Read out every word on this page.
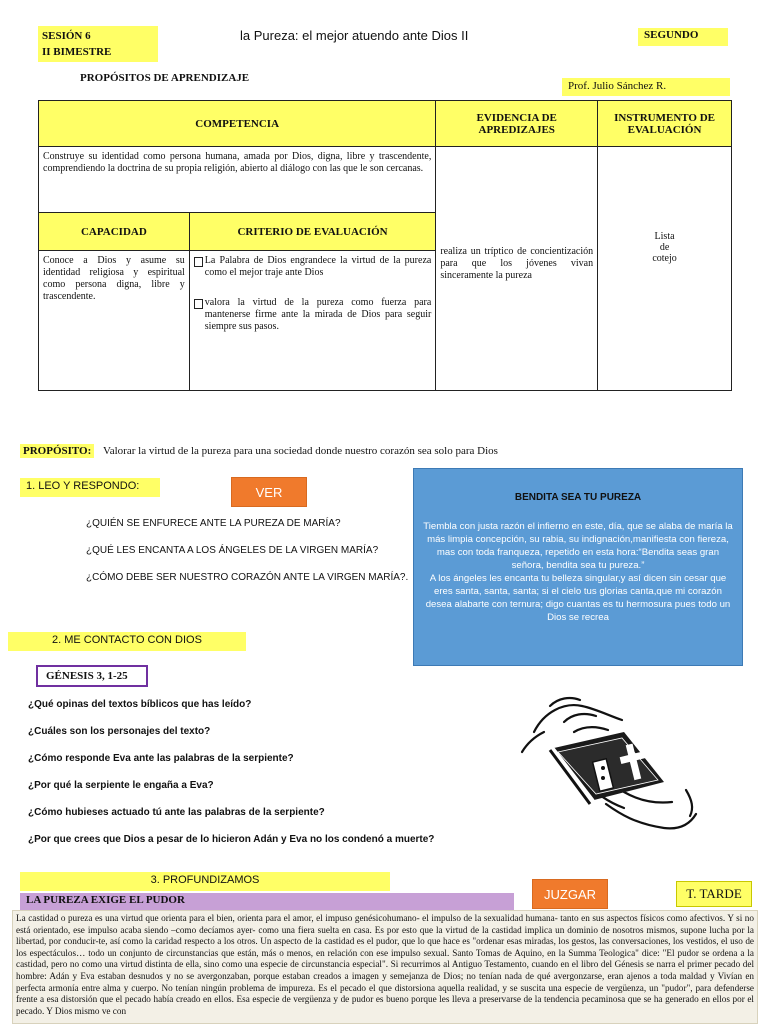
SESIÓN 6
II BIMESTRE
la Pureza: el mejor atuendo ante Dios II	SEGUNDO
PROPÓSITOS DE APRENDIZAJE
Prof. Julio Sánchez R.
COMPETENCIA		EVIDENCIA DE APREDIZAJES	INSTRUMENTO DE EVALUACIÓN
Construye su identidad como persona humana, amada por Dios, digna, libre y trascendente, comprendiendo la doctrina de su propia religión, abierto al diálogo con las que le son cercanas.		realiza un tríptico de concientización para que los jóvenes vivan sinceramente la pureza	Lista
de
cotejo

CAPACIDAD	CRITERIO DE EVALUACIÓN		
Conoce a Dios y asume su identidad religiosa y espiritual como persona digna, libre y trascendente.	La Palabra de Dios engrandece la virtud de la pureza como el mejor traje ante Dios
valora la virtud de la pureza como fuerza para mantenerse firme ante la mirada de Dios para seguir siempre sus pasos.		
PROPÓSITO: Valorar la virtud de la pureza para una sociedad donde nuestro corazón sea solo para Dios
1. LEO Y RESPONDO:	VER
¿QUIÉN SE ENFURECE ANTE LA PUREZA DE MARÍA?
¿QUÉ LES ENCANTA A LOS ÁNGELES DE LA VIRGEN MARÍA?
¿CÓMO DEBE SER NUESTRO CORAZÓN ANTE LA VIRGEN MARÍA?.
BENDITA SEA TU PUREZA
Tiembla con justa razón el infierno en este, día, que se alaba de maría la más limpia concepción, su rabia, su indignación,manifiesta con fiereza, mas con toda franqueza, repetido en esta hora:“Bendita seas gran señora, bendita sea tu pureza.”
A los ángeles les encanta tu belleza singular,y así dicen sin cesar que eres santa, santa, santa; si el cielo tus glorias canta,que mi corazón desea alabarte con ternura; digo cuantas es tu hermosura pues todo un Dios se recrea
2. ME CONTACTO CON DIOS
GÉNESIS 3, 1-25
¿Qué opinas del textos bíblicos que has leído?
¿Cuáles son los personajes del texto?
¿Cómo responde Eva ante las palabras de la serpiente?
¿Por qué la serpiente le engaña a Eva?
¿Cómo hubieses actuado tú ante las palabras de la serpiente?
¿Por que crees que Dios a pesar de lo hicieron Adán y Eva no los condenó a muerte?
3. PROFUNDIZAMOS
LA PUREZA EXIGE EL PUDOR	JUZGAR	T. TARDE
La castidad o pureza es una virtud que orienta para el bien, orienta para el amor, el impuso genésicohumano- el impulso de la sexualidad humana- tanto en sus aspectos físicos como afectivos. Y si no está orientado, ese impulso acaba siendo –como decíamos ayer- como una fiera suelta en casa. Es por esto que la virtud de la castidad implica un dominio de nosotros mismos, supone lucha por la libertad, por conducir-te, así como la caridad respecto a los otros. Un aspecto de la castidad es el pudor, que lo que hace es "ordenar esas miradas, los gestos, las conversaciones, los vestidos, el uso de los espectáculos… todo un conjunto de circunstancias que están, más o menos, en relación con ese impulso sexual. Santo Tomas de Aquino, en la Summa Teologica" dice: "El pudor se ordena a la castidad, pero no como una virtud distinta de ella, sino como una especie de circunstancia especial". Si recurrimos al Antiguo Testamento, cuando en el libro del Génesis se narra el primer pecado del hombre: Adán y Eva estaban desnudos y no se avergonzaban, porque estaban creados a imagen y semejanza de Dios; no tenían nada de qué avergonzarse, eran ajenos a toda maldad y Vivían en perfecta armonía entre alma y cuerpo. No tenían ningún problema de impureza. Es el pecado el que distorsiona aquella realidad, y se suscita una especie de vergüenza, un "pudor", para defenderse frente a esa distorsión que el pecado había creado en ellos. Esa especie de vergüenza y de pudor es bueno porque les lleva a preservarse de la tendencia pecaminosa que se ha generado en ellos por el pecado. Y Dios mismo ve con
